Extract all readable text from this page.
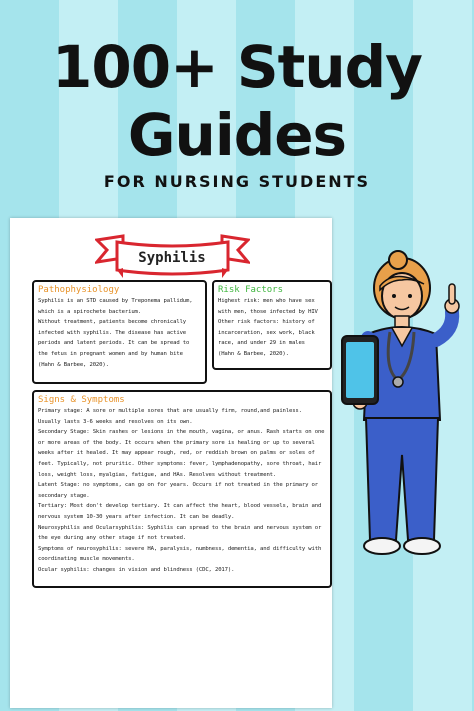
100+ Study
Guides
FOR NURSING STUDENTS
Syphilis
Pathophysiology

Syphilis is an STD caused by Treponema pallidum, which is a spirochete bacterium.

Without treatment, patients become chronically infected with syphilis. The disease has active periods and latent periods. It can be spread to the fetus in pregnant women and by human bite (Hahn & Barbee, 2020).

Risk Factors

Highest risk: men who have sex with men, those infected by HIV

Other risk factors: history of incarceration, sex work, black race, and under 29 in males

(Hahn & Barbee, 2020).

Signs & Symptoms

Primary stage: A sore or multiple sores that are usually firm, round,and painless. Usually lasts 3-6 weeks and resolves on its own.

Secondary Stage: Skin rashes or lesions in the mouth, vagina, or anus. Rash starts on one or more areas of the body. It occurs when the primary sore is healing or up to several weeks after it healed. It may appear rough, red, or reddish brown on palms or soles of feet. Typically, not pruritic. Other symptoms: fever, lymphadenopathy, sore throat, hair loss, weight loss, myalgias, fatigue, and HAs. Resolves without treatment.

Latent Stage: no symptoms, can go on for years. Occurs if not treated in the primary or secondary stage.

Tertiary: Most don't develop tertiary. It can affect the heart, blood vessels, brain and nervous system 10-30 years after infection. It can be deadly.

Neurosyphilis and Ocularsyphilis: Syphilis can spread to the brain and nervous system or the eye during any other stage if not treated.

Symptoms of neurosyphilis: severe HA, paralysis, numbness, dementia, and difficulty with coordinating muscle movements.

Ocular syphilis: changes in vision and blindness (CDC, 2017).
